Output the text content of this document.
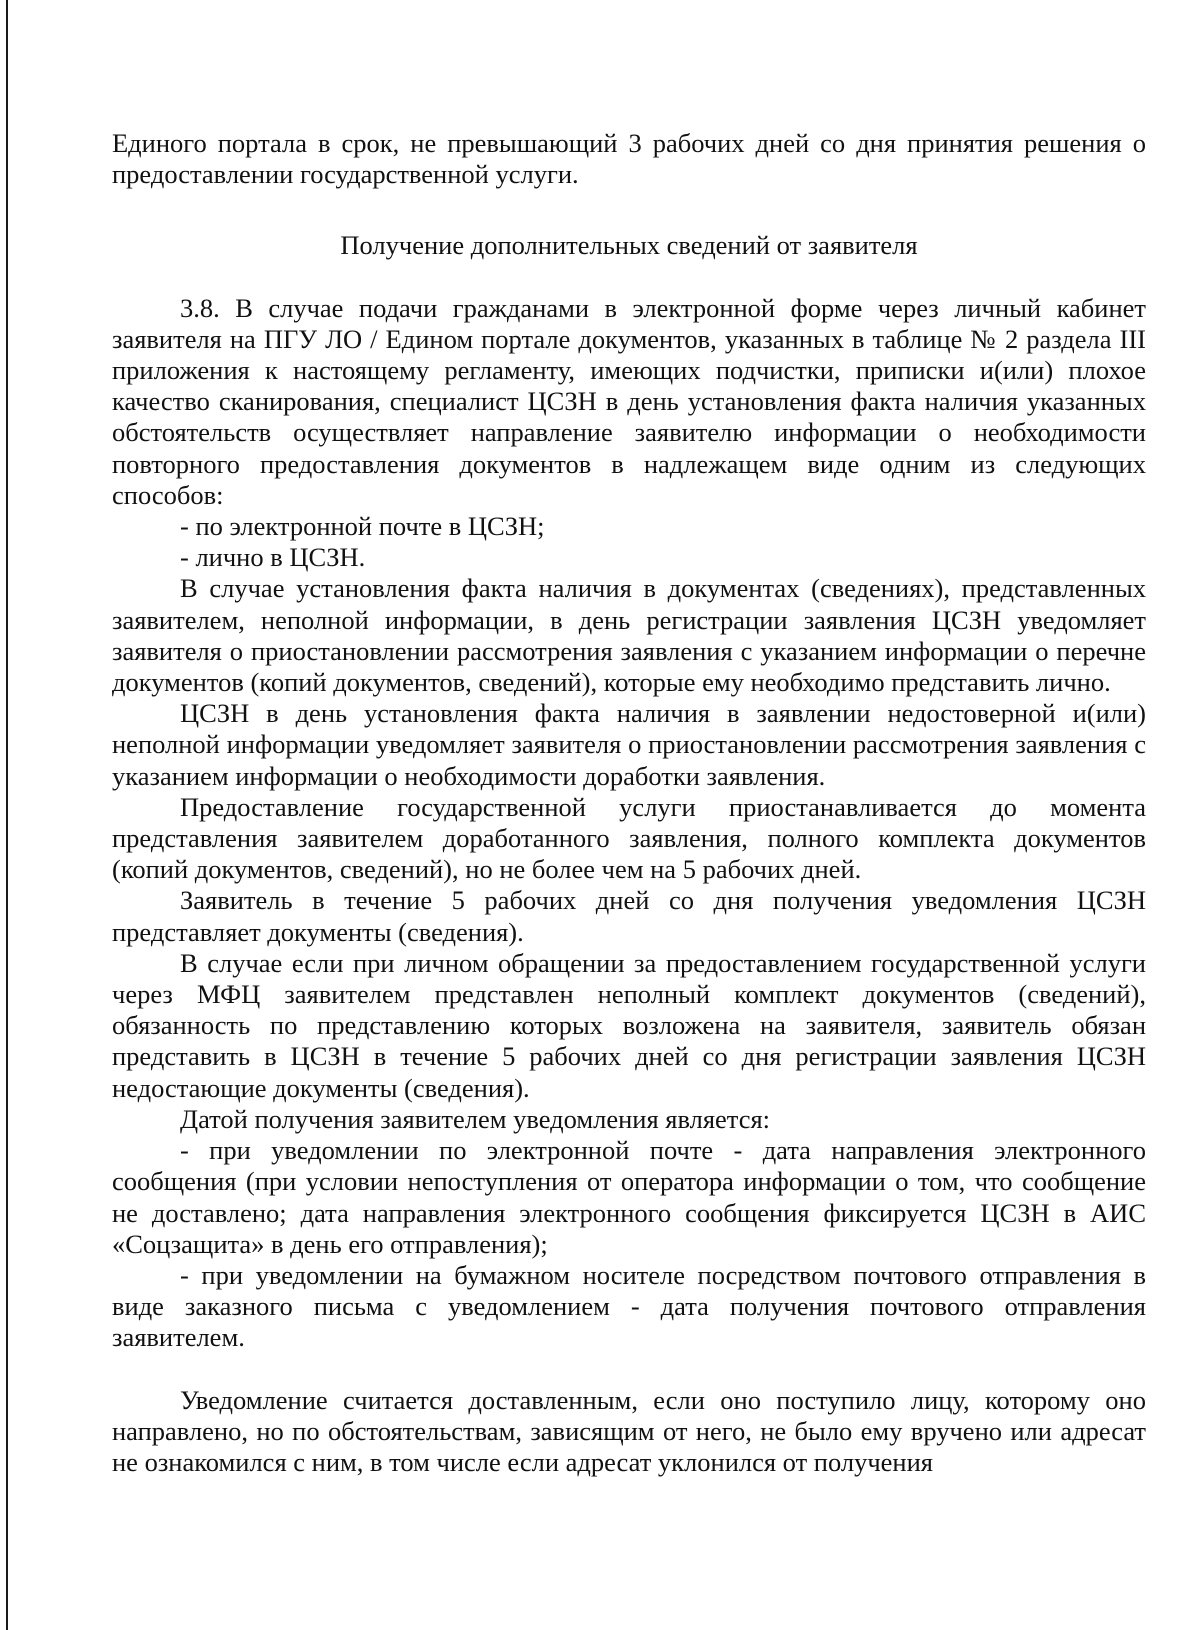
Единого портала в срок, не превышающий 3 рабочих дней со дня принятия решения о предоставлении государственной услуги.

Получение дополнительных сведений от заявителя

3.8. В случае подачи гражданами в электронной форме через личный кабинет заявителя на ПГУ ЛО / Едином портале документов, указанных в таблице № 2 раздела III приложения к настоящему регламенту, имеющих подчистки, приписки и(или) плохое качество сканирования, специалист ЦСЗН в день установления факта наличия указанных обстоятельств осуществляет направление заявителю информации о необходимости повторного предоставления документов в надлежащем виде одним из следующих способов:

- по электронной почте в ЦСЗН;

- лично в ЦСЗН.

В случае установления факта наличия в документах (сведениях), представленных заявителем, неполной информации, в день регистрации заявления ЦСЗН уведомляет заявителя о приостановлении рассмотрения заявления с указанием информации о перечне документов (копий документов, сведений), которые ему необходимо представить лично.

ЦСЗН в день установления факта наличия в заявлении недостоверной и(или) неполной информации уведомляет заявителя о приостановлении рассмотрения заявления с указанием информации о необходимости доработки заявления.

Предоставление государственной услуги приостанавливается до момента представления заявителем доработанного заявления, полного комплекта документов (копий документов, сведений), но не более чем на 5 рабочих дней.

Заявитель в течение 5 рабочих дней со дня получения уведомления ЦСЗН представляет документы (сведения).

В случае если при личном обращении за предоставлением государственной услуги через МФЦ заявителем представлен неполный комплект документов (сведений), обязанность по представлению которых возложена на заявителя, заявитель обязан представить в ЦСЗН в течение 5 рабочих дней со дня регистрации заявления ЦСЗН недостающие документы (сведения).

Датой получения заявителем уведомления является:

- при уведомлении по электронной почте - дата направления электронного сообщения (при условии непоступления от оператора информации о том, что сообщение не доставлено; дата направления электронного сообщения фиксируется ЦСЗН в АИС «Соцзащита» в день его отправления);

- при уведомлении на бумажном носителе посредством почтового отправления в виде заказного письма с уведомлением - дата получения почтового отправления заявителем.

Уведомление считается доставленным, если оно поступило лицу, которому оно направлено, но по обстоятельствам, зависящим от него, не было ему вручено или адресат не ознакомился с ним, в том числе если адресат уклонился от получения
